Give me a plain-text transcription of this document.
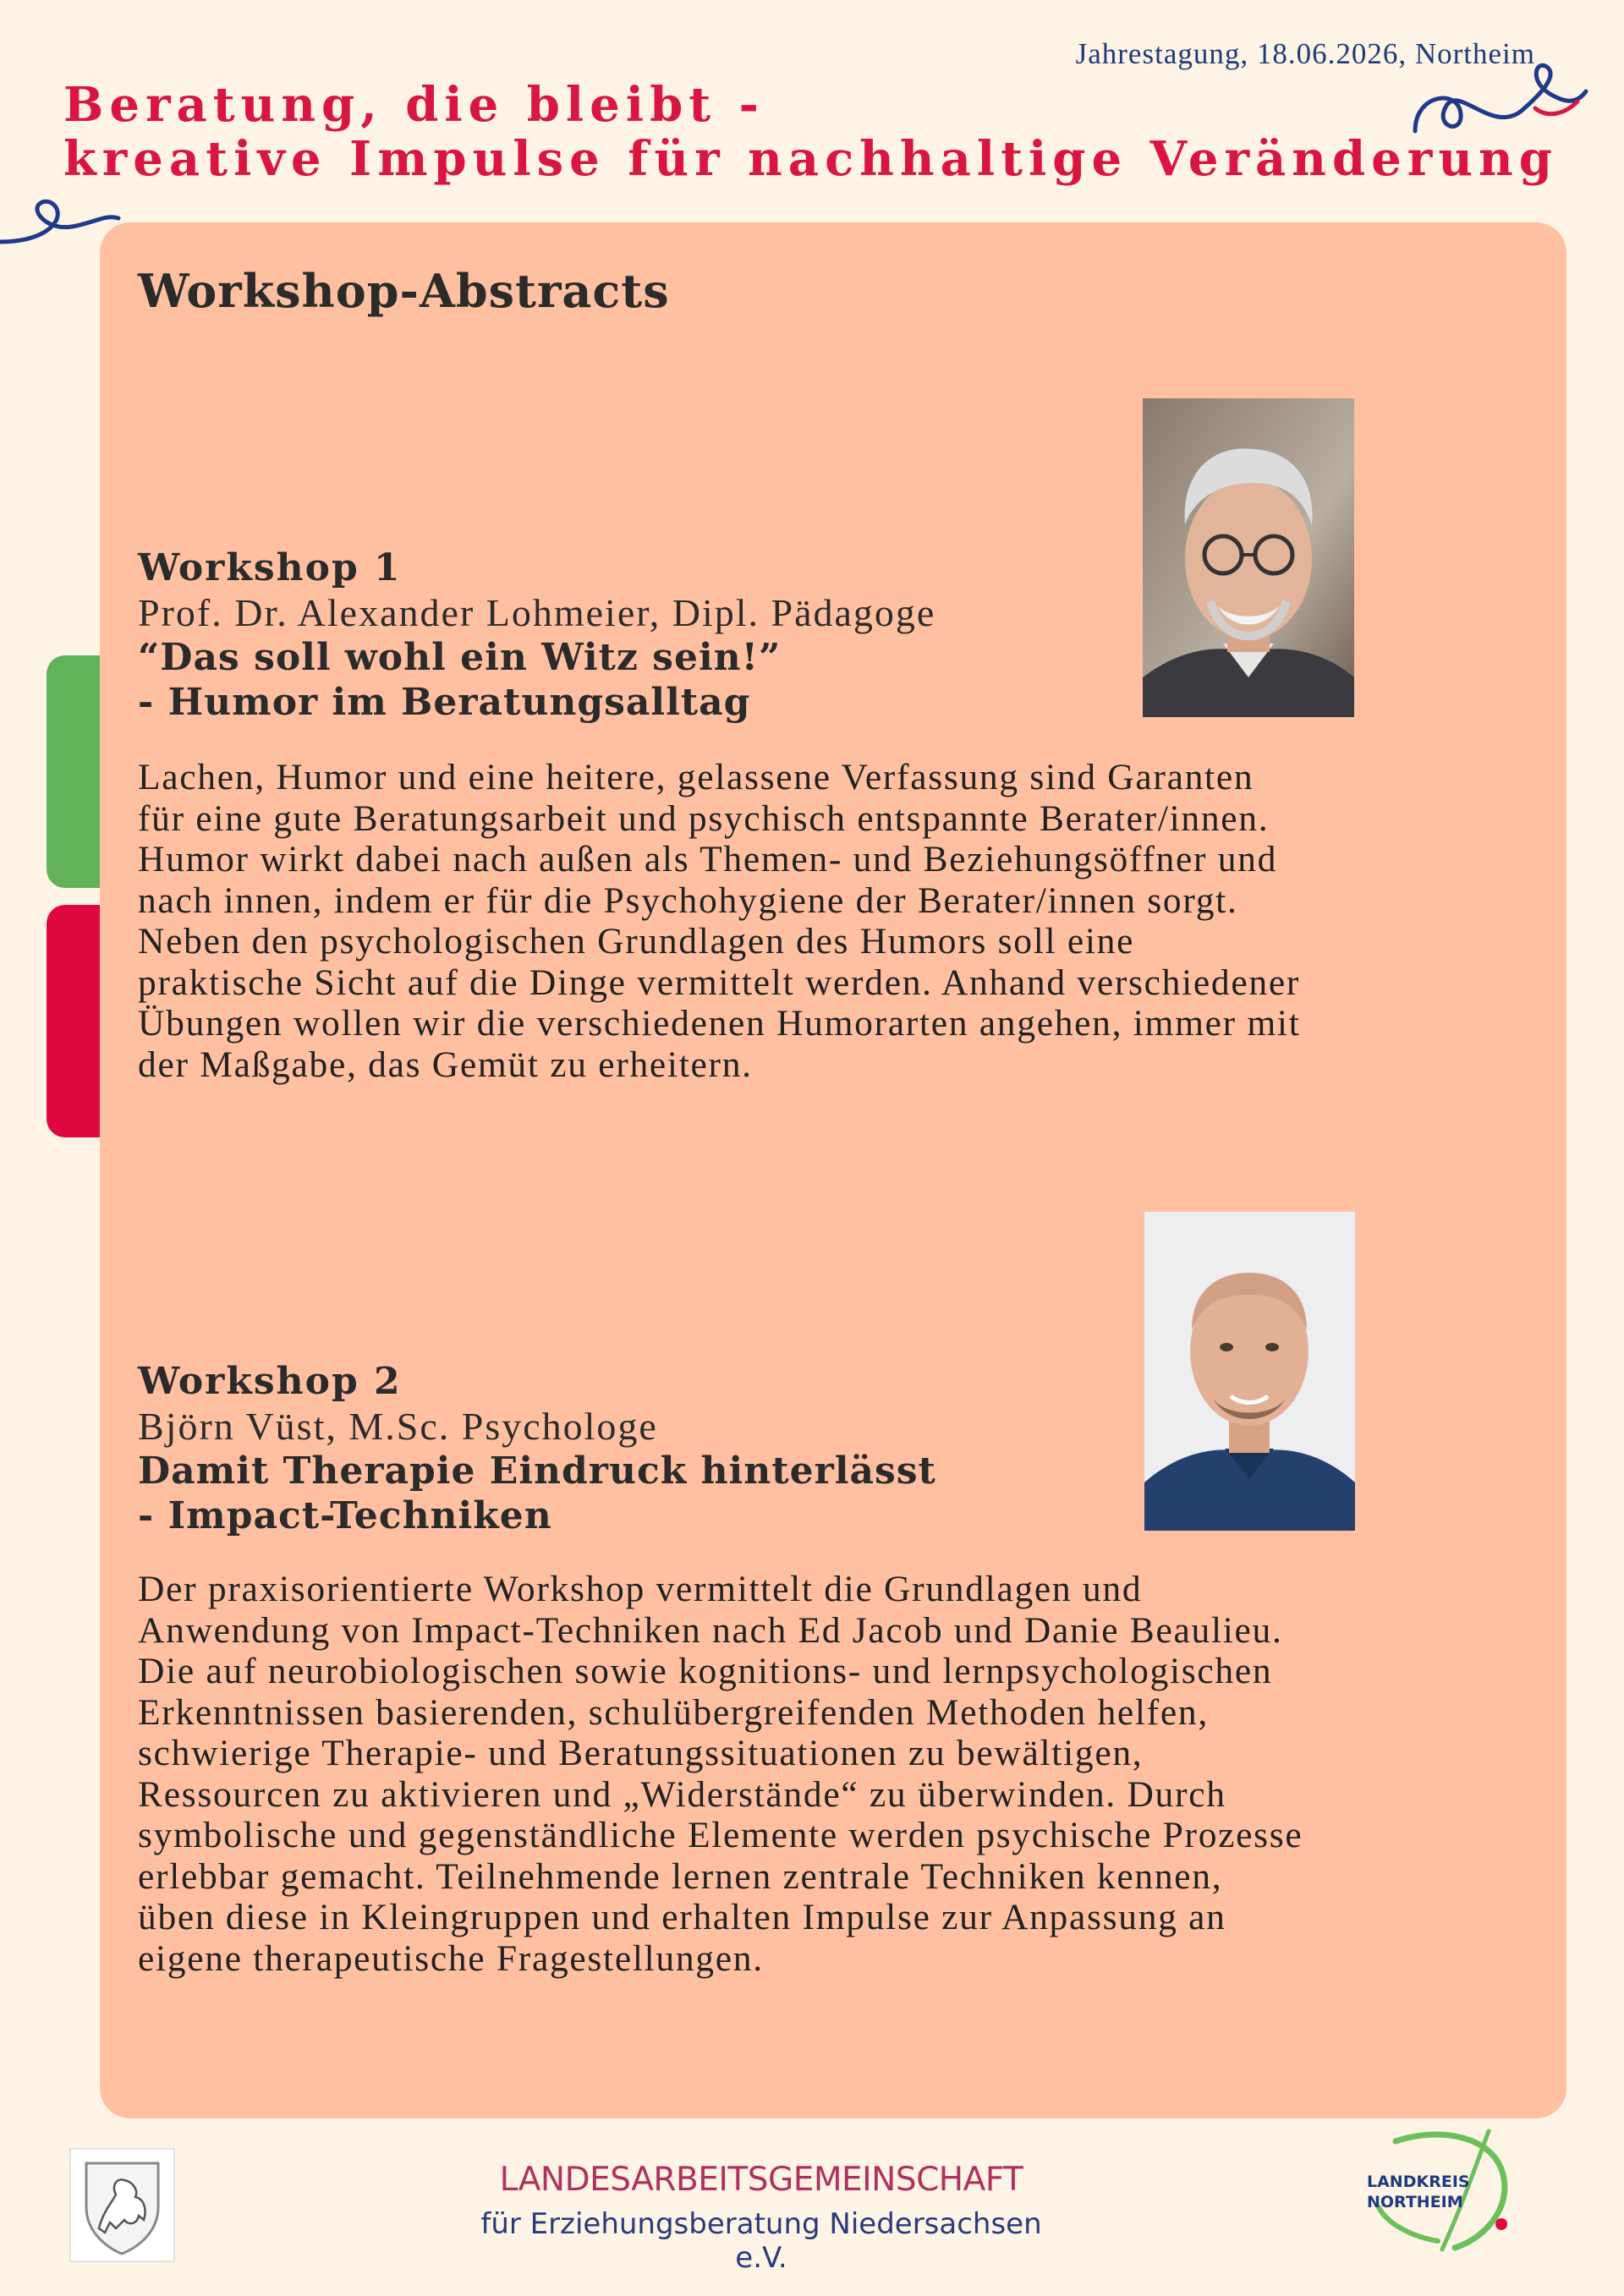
Jahrestagung, 18.06.2026, Northeim
Beratung, die bleibt -
kreative Impulse für nachhaltige Veränderung
Workshop-Abstracts
Workshop 1
Prof. Dr. Alexander Lohmeier, Dipl. Pädagoge
“Das soll wohl ein Witz sein!”
- Humor im Beratungsalltag

Lachen, Humor und eine heitere, gelassene Verfassung sind Garanten
für eine gute Beratungsarbeit und psychisch entspannte Berater/innen.
Humor wirkt dabei nach außen als Themen- und Beziehungsöffner und
nach innen, indem er für die Psychohygiene der Berater/innen sorgt.
Neben den psychologischen Grundlagen des Humors soll eine
praktische Sicht auf die Dinge vermittelt werden. Anhand verschiedener
Übungen wollen wir die verschiedenen Humorarten angehen, immer mit
der Maßgabe, das Gemüt zu erheitern.

Workshop 2
Björn Vüst, M.Sc. Psychologe
Damit Therapie Eindruck hinterlässt
- Impact-Techniken

Der praxisorientierte Workshop vermittelt die Grundlagen und
Anwendung von Impact-Techniken nach Ed Jacob und Danie Beaulieu.
Die auf neurobiologischen sowie kognitions- und lernpsychologischen
Erkenntnissen basierenden, schulübergreifenden Methoden helfen,
schwierige Therapie- und Beratungssituationen zu bewältigen,
Ressourcen zu aktivieren und „Widerstände“ zu überwinden. Durch
symbolische und gegenständliche Elemente werden psychische Prozesse
erlebbar gemacht. Teilnehmende lernen zentrale Techniken kennen,
üben diese in Kleingruppen und erhalten Impulse zur Anpassung an
eigene therapeutische Fragestellungen.

LANDESARBEITSGEMEINSCHAFT
für Erziehungsberatung Niedersachsen e.V.
LANDKREIS
NORTHEIM
